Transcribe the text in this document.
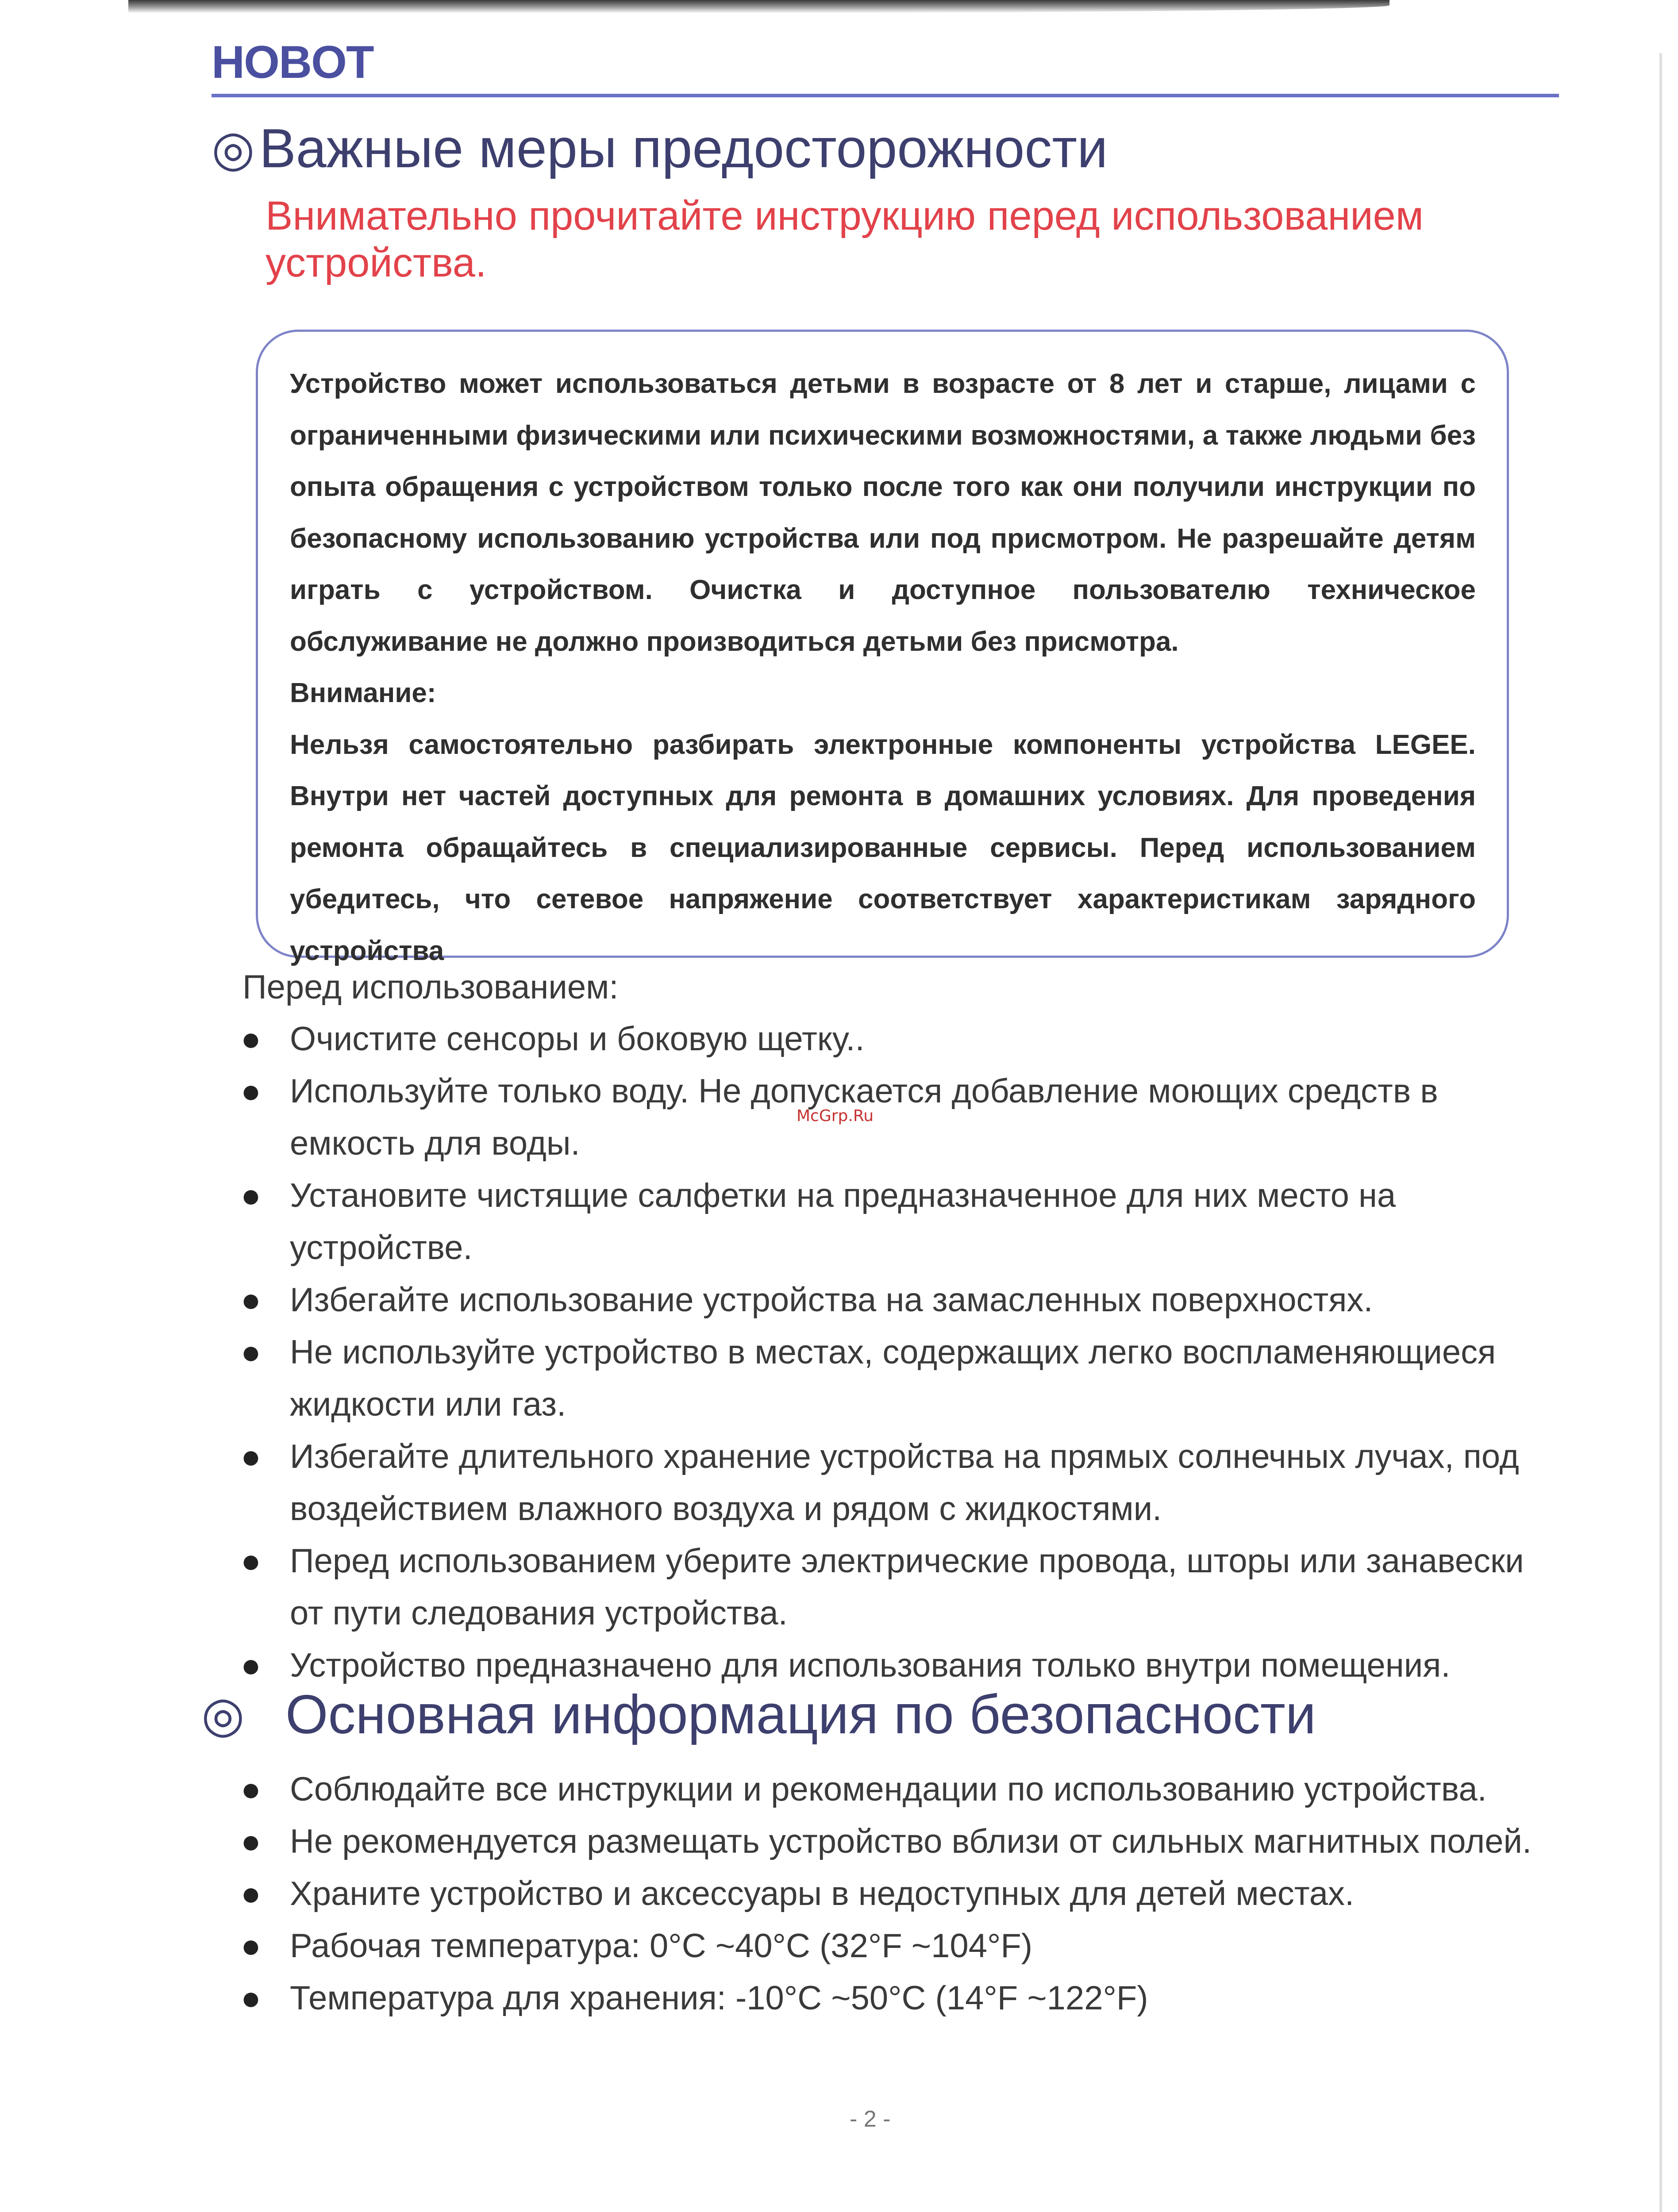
HOBOT
◎Важные меры предосторожности
Внимательно прочитайте инструкцию перед использованием устройства.

Устройство может использоваться детьми в возрасте от 8 лет и старше, лицами с ограниченными физическими или психическими возможностями, а также людьми без опыта обращения с устройством только после того как они получили инструкции по безопасному использованию устройства или под присмотром. Не разрешайте детям играть с устройством. Очистка и доступное пользователю техническое обслуживание не должно производиться детьми без присмотра.

Внимание:

Нельзя самостоятельно разбирать электронные компоненты устройства LEGEE. Внутри нет частей доступных для ремонта в домашних условиях. Для проведения ремонта обращайтесь в специализированные сервисы. Перед использованием убедитесь, что сетевое напряжение соответствует характеристикам зарядного устройства

Перед использованием:
● Очистите сенсоры и боковую щетку..
● Используйте только воду. Не допускается добавление моющих средств в емкость для воды.
● Установите чистящие салфетки на предназначенное для них место на устройстве.
● Избегайте использование устройства на замасленных поверхностях.
● Не используйте устройство в местах, содержащих легко воспламеняющиеся жидкости или газ.
● Избегайте длительного хранение устройства на прямых солнечных лучах, под воздействием влажного воздуха и рядом с жидкостями.
● Перед использованием уберите электрические провода, шторы или занавески от пути следования устройства.
● Устройство предназначено для использования только внутри помещения.
McGrp.Ru
◎ Основная информация по безопасности
● Соблюдайте все инструкции и рекомендации по использованию устройства.
● Не рекомендуется размещать устройство вблизи от сильных магнитных полей.
● Храните устройство и аксессуары в недоступных для детей местах.
● Рабочая температура: 0°C ~40°C (32°F ~104°F)
● Температура для хранения: -10°C ~50°C (14°F ~122°F)
- 2 -
